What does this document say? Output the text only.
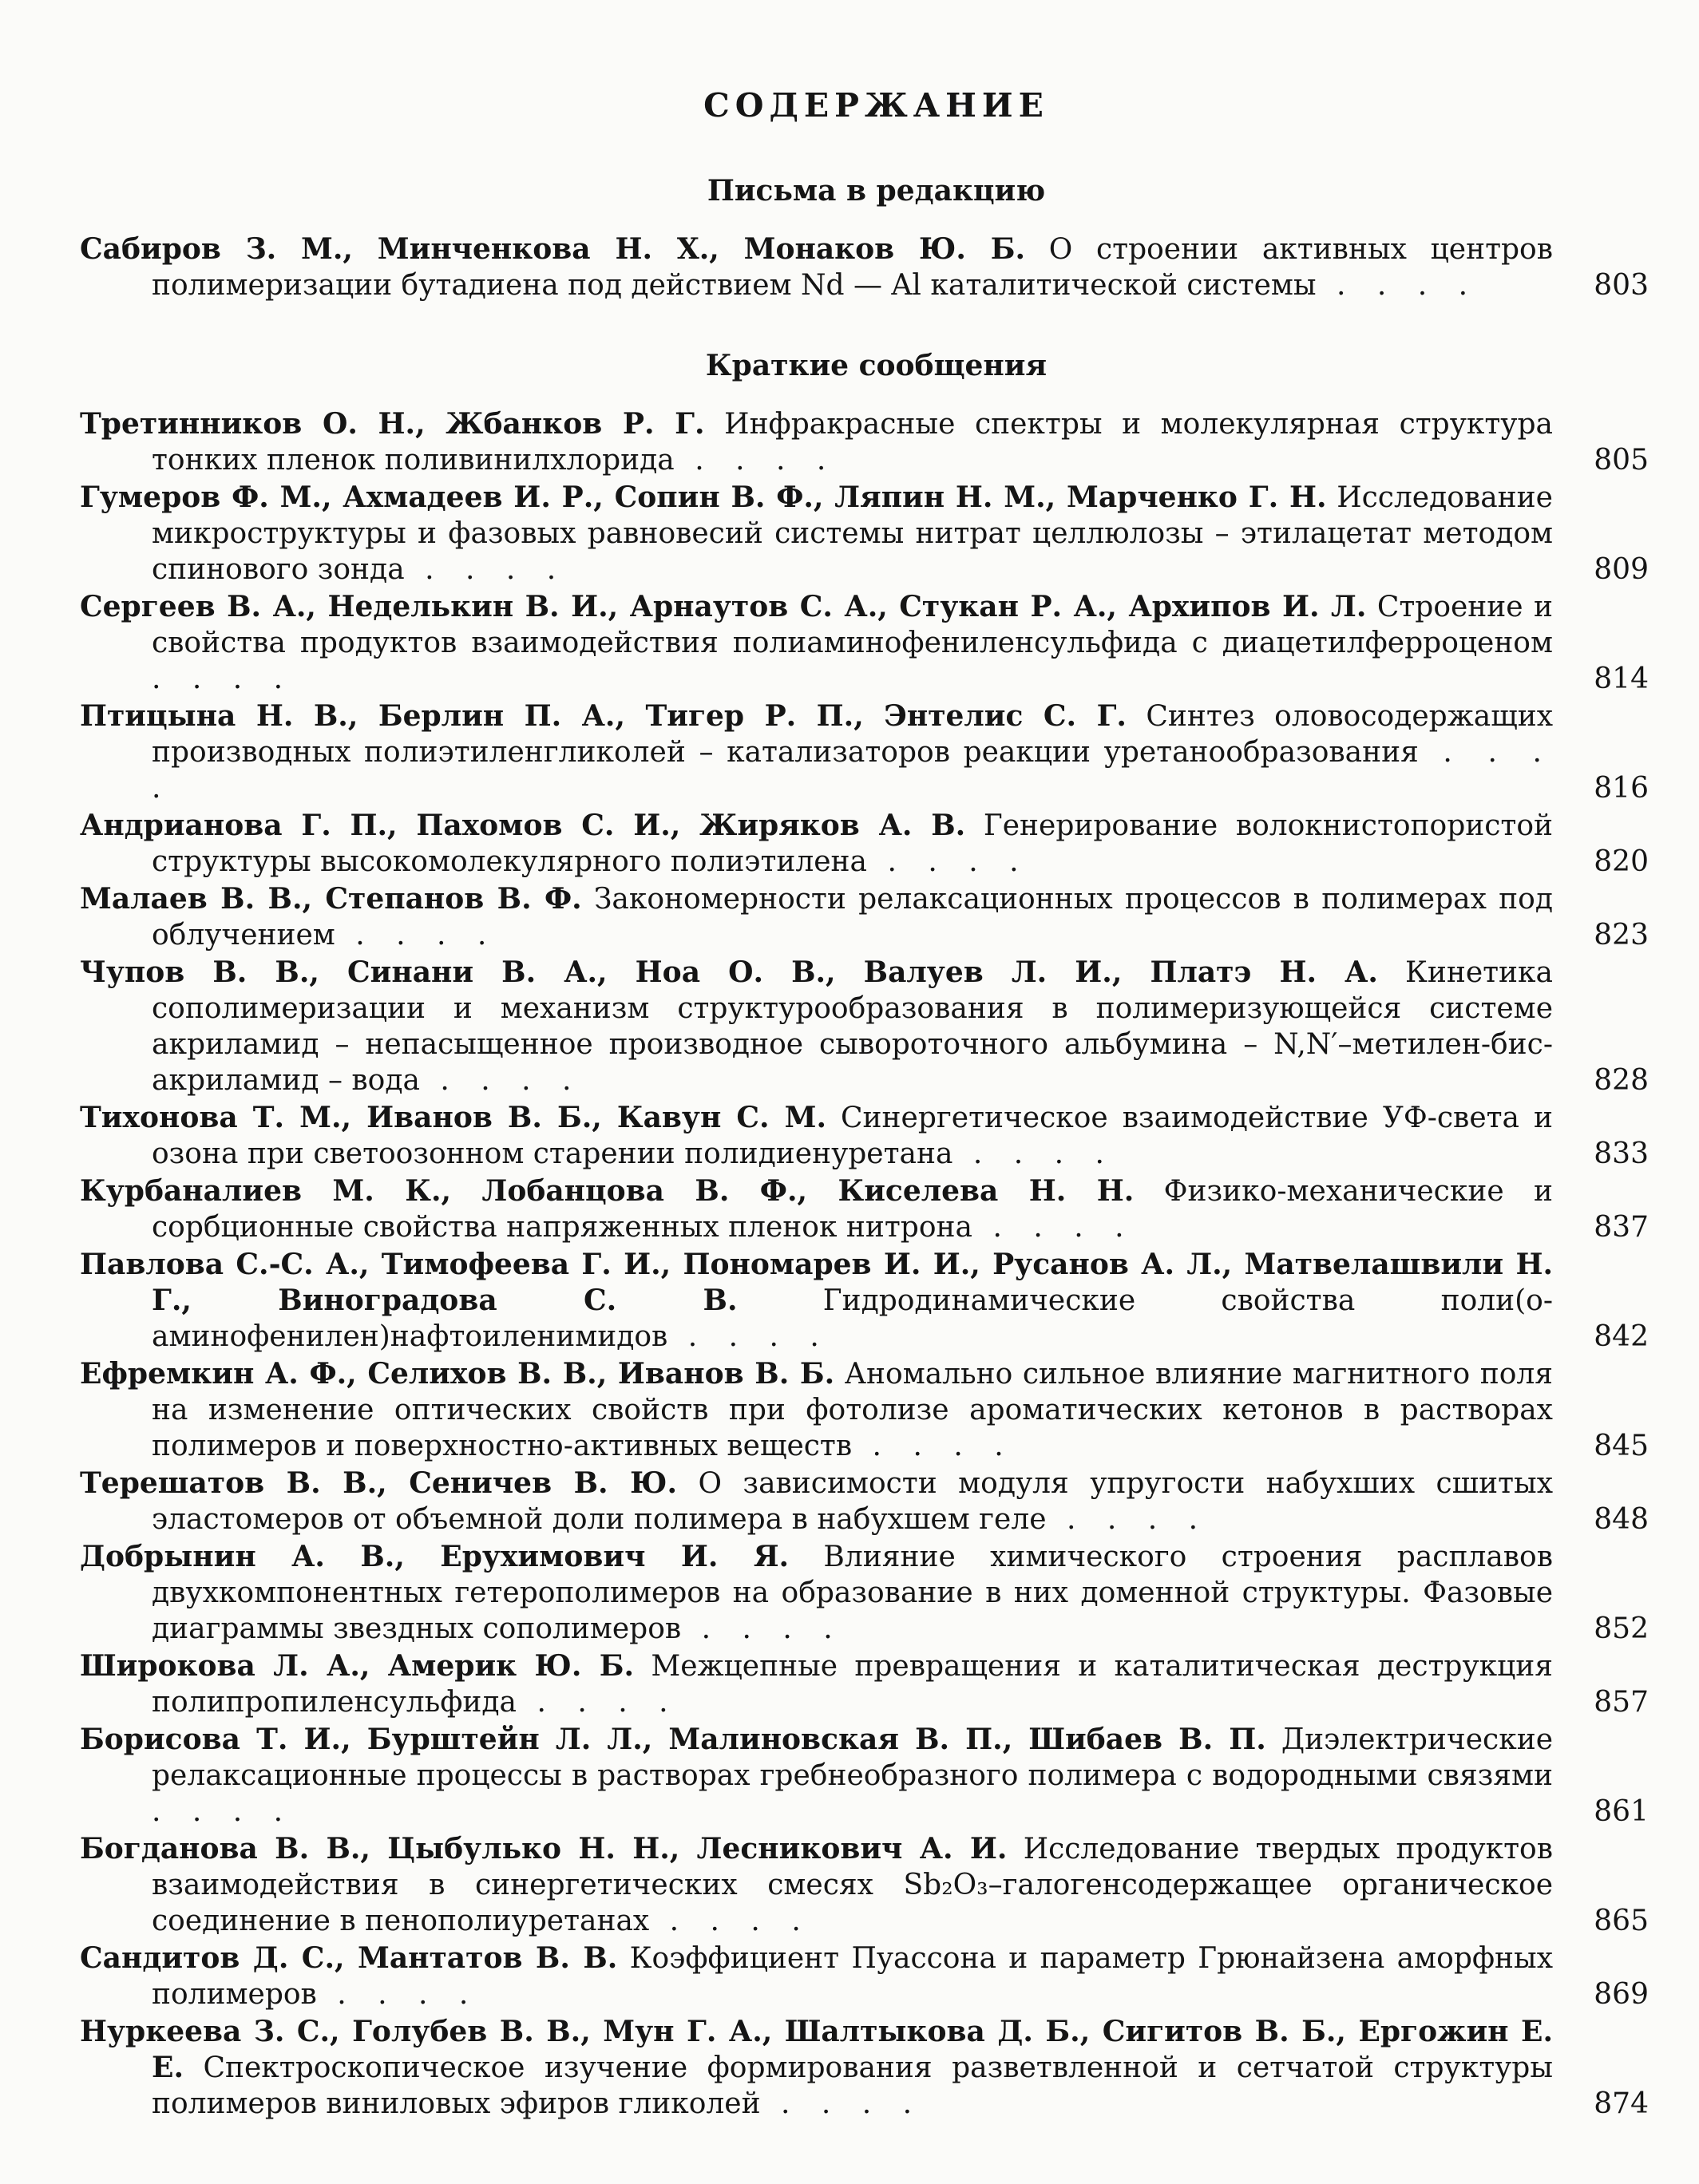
СОДЕРЖАНИЕ
Письма в редакцию
Сабиров З. М., Минченкова Н. Х., Монаков Ю. Б. О строении активных центров полимеризации бутадиена под действием Nd — Al каталитической системы . . . .	803
Краткие сообщения
Третинников О. Н., Жбанков Р. Г. Инфракрасные спектры и молекулярная структура тонких пленок поливинилхлорида . . . .	805
Гумеров Ф. М., Ахмадеев И. Р., Сопин В. Ф., Ляпин Н. М., Марченко Г. Н. Исследование микроструктуры и фазовых равновесий системы нитрат целлюлозы – этилацетат методом спинового зонда . . . .	809
Сергеев В. А., Неделькин В. И., Арнаутов С. А., Стукан Р. А., Архипов И. Л. Строение и свойства продуктов взаимодействия полиаминофениленсульфида с диацетилферроценом . . . .	814
Птицына Н. В., Берлин П. А., Тигер Р. П., Энтелис С. Г. Синтез оловосодержащих производных полиэтиленгликолей – катализаторов реакции уретанообразования . . . .	816
Андрианова Г. П., Пахомов С. И., Жиряков А. В. Генерирование волокнистопористой структуры высокомолекулярного полиэтилена . . . .	820
Малаев В. В., Степанов В. Ф. Закономерности релаксационных процессов в полимерах под облучением . . . .	823
Чупов В. В., Синани В. А., Ноа О. В., Валуев Л. И., Платэ Н. А. Кинетика сополимеризации и механизм структурообразования в полимеризующейся системе акриламид – непасыщенное производное сывороточного альбумина – N,N′–метилен-бис-акриламид – вода . . . .	828
Тихонова Т. М., Иванов В. Б., Кавун С. М. Синергетическое взаимодействие УФ-света и озона при светоозонном старении полидиенуретана . . . .	833
Курбаналиев М. К., Лобанцова В. Ф., Киселева Н. Н. Физико-механические и сорбционные свойства напряженных пленок нитрона . . . .	837
Павлова С.-С. А., Тимофеева Г. И., Пономарев И. И., Русанов А. Л., Матвелашвили Н. Г., Виноградова С. В.	Гидродинамические свойства поли(о-аминофенилен)нафтоиленимидов . . . .	842
Ефремкин А. Ф., Селихов В. В., Иванов В. Б. Аномально сильное влияние магнитного поля на изменение оптических свойств при фотолизе ароматических кетонов в растворах полимеров и поверхностно-активных веществ . . . .	845
Терешатов В. В., Сеничев В. Ю. О зависимости модуля упругости набухших сшитых эластомеров от объемной доли полимера в набухшем геле . . . .	848
Добрынин А. В., Ерухимович И. Я. Влияние химического строения расплавов двухкомпонентных гетерополимеров на образование в них доменной структуры. Фазовые диаграммы звездных сополимеров . . . .	852
Широкова Л. А., Америк Ю. Б. Межцепные превращения и каталитическая деструкция полипропиленсульфида . . . .	857
Борисова Т. И., Бурштейн Л. Л., Малиновская В. П., Шибаев В. П. Диэлектрические релаксационные процессы в растворах гребнеобразного полимера с водородными связями . . . .	861
Богданова В. В., Цыбулько Н. Н., Лесникович А. И. Исследование твердых продуктов взаимодействия в синергетических смесях Sb₂O₃–галогенсодержащее органическое соединение в пенополиуретанах . . . .	865
Сандитов Д. С., Мантатов В. В. Коэффициент Пуассона и параметр Грюнайзена аморфных полимеров . . . .	869
Нуркеева З. С., Голубев В. В., Мун Г. А., Шалтыкова Д. Б., Сигитов В. Б., Ергожин Е. Е. Спектроскопическое изучение формирования разветвленной и сетчатой структуры полимеров виниловых эфиров гликолей . . . .	874
